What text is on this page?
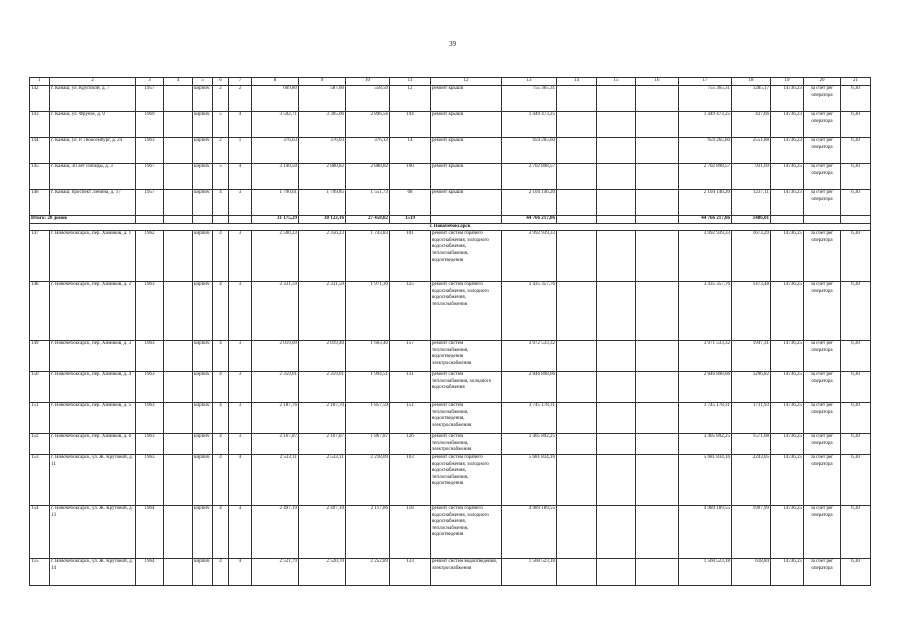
39
1	2	3	4	5	6	7	8	9	10	11	12	13	14	15	16	17	18	19	20	21
142	г. Канаш, ул. Крупской, д. 7	1957		кирпич	2	2	609,80	587,60	558,50	12	ремонт крыши	755 365,31				755 365,31	1285,17	14736,23	за счет рег оператора	6,30
143	г. Канаш, ул. Фрунзе, д. 9	1969		кирпич	5	4	3 592,71	3 305,06	2 896,56	194	ремонт крыши	1 449 473,25				1 449 473,25	437,66	14736,23	за счет рег оператора	6,30
144	г. Канаш, ул. Р. Люксембург, д. 24	1963		кирпич	2	1	376,63	376,03	376,13	14	ремонт крыши	959 265,60				959 265,60	2551,88	14736,23	за счет рег оператора	6,30
145	г. Канаш, 30 лет Победы, д. 3	1967		кирпич	5	4	3 140,50	2 880,82	2 888,82	100	ремонт крыши	2 702 898,57				2 702 898,57	931,69	14736,25	за счет рег оператора	6,30
146	г. Канаш, проспект Ленина, д. 17	1957		кирпич	4	3	1 790,61	1 709,85	1 551,73	68	ремонт крыши	2 104 146,20				2 104 146,20	1237,11	14736,23	за счет рег оператора	6,30
Итого: 20 домов							31 175,29	30 123,16	27 458,82	1519		44 766 217,86				44 766 217,86	1486,01			
г. Новочебоксарск																				
147	г. Новочебоксарск, пер. Химиков, д. 1	1962		кирпич	4	3	2 590,23	2 356,23	1 743,83	101	ремонт систем горячего водоснабжения, холодного водоснабжения, теплоснабжения, водоотведения	3 992 939,33				3 992 939,33	1673,29	14736,25	за счет рег оператора	6,30
148	г. Новочебоксарск, пер. Химиков, д. 2	1963		кирпич	4	3	2 331,59	2 331,59	1 971,30	125	ремонт систем горячего водоснабжения, холодного водоснабжения, теплоснабжения	3 435 357,76				3 435 357,76	1473,48	14736,25	за счет рег оператора	6,30
149	г. Новочебоксарск, пер. Химиков, д. 3	1963		кирпич	4	3	2 019,09	2 019,40	1 663,40	157	ремонт систем теплоснабжения, водоотведения электроснабжения	3 972 533,32				3 971 533,32	1947,31	14736,25	за счет рег оператора	6,30
150	г. Новочебоксарск, пер. Химиков, д. 4	1963		кирпич	4	3	2 359,01	2 359,01	1 994,51	131	ремонт систем теплоснабжения, холодного водоснабжения	2 846 898,66				2 846 898,66	1296,82	14736,25	за счет рег оператора	6,30
151	г. Новочебоксарск, пер. Химиков, д. 5	1963		кирпич	4	3	2 187,76	2 187,70	1 857,59	151	ремонт систем теплоснабжения, водоотведения, электроснабжения	3 745 178,31				3 745 178,31	1711,93	14736,25	за счет рег оператора	6,30
152	г. Новочебоксарск, пер. Химиков, д. 6	1963		кирпич	4	3	2 167,87	2 167,87	1 867,87	126	ремонт систем теплоснабжения, электроснабжения	3 405 892,25				3 405 892,25	1571,08	14736,25	за счет рег оператора	6,30
153	г. Новочебоксарск, ул. Ж. Крутовой, д. 11	1963		кирпич	4	4	2 533,11	2 533,11	2 218,09	103	ремонт систем горячего водоснабжения, холодного водоснабжения, теплоснабжения, водоотведения	5 681 834,16				5 681 834,16	2243,05	14736,25	за счет рег оператора	6,30
154	г. Новочебоксарск, ул. Ж. Крутовой, д. 13	1964		кирпич	4	4	2 497,19	2 497,10	2 117,86	118	ремонт систем горячего водоснабжения, холодного водоснабжения, теплоснабжения, водоотведения	4 989 189,55				4 989 189,55	1997,99	14736,25	за счет рег оператора	6,30
155	г. Новочебоксарск, ул. Ж. Крутовой, д. 14	1964		кирпич	4	4	2 521,79	2 520,70	2 252,89	133	ремонт систем водоотведения, электроснабжения	1 560 523,18				1 560 523,18	618,84	14736,25	за счет рег оператора	6,30
